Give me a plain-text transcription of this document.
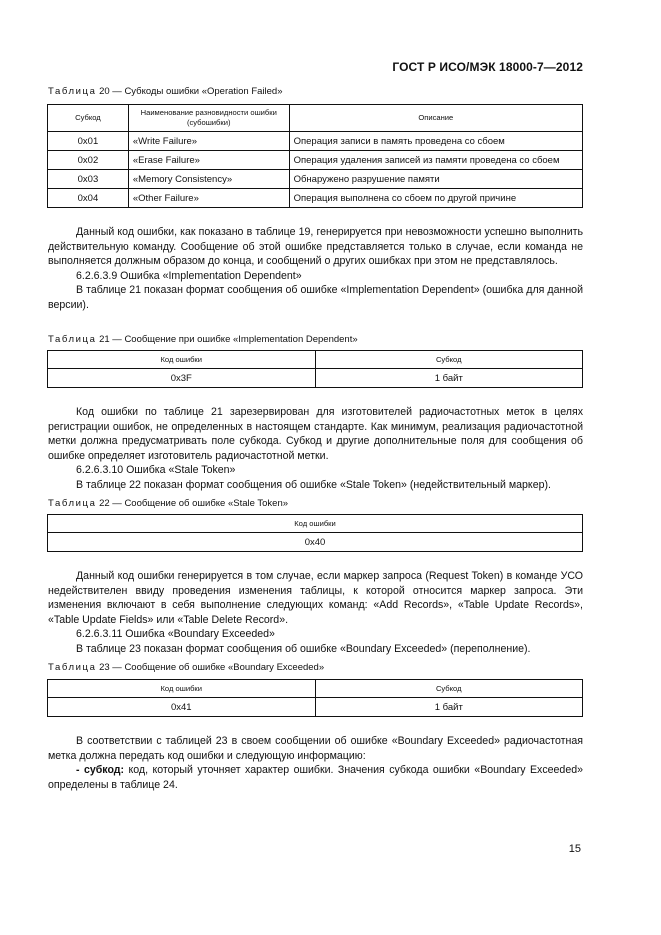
ГОСТ Р ИСО/МЭК 18000-7—2012
Таблица 20 — Субкоды ошибки «Operation Failed»
Субкод	Наименование разновидности ошибки (субошибки)	Описание
0x01	«Write Failure»	Операция записи в память проведена со сбоем
0x02	«Erase Failure»	Операция удаления записей из памяти проведена со сбоем
0x03	«Memory Consistency»	Обнаружено разрушение памяти
0x04	«Other Failure»	Операция выполнена со сбоем по другой причине

Данный код ошибки, как показано в таблице 19, генерируется при невозможности успешно выполнить действительную команду. Сообщение об этой ошибке представляется только в случае, если команда не выполняется должным образом до конца, и сообщений о других ошибках при этом не представлялось.

6.2.6.3.9 Ошибка «Implementation Dependent»

В таблице 21 показан формат сообщения об ошибке «Implementation Dependent» (ошибка для данной версии).

Таблица 21 — Сообщение при ошибке «Implementation Dependent»
Код ошибки	Субкод
0x3F	1 байт

Код ошибки по таблице 21 зарезервирован для изготовителей радиочастотных меток в целях регистрации ошибок, не определенных в настоящем стандарте. Как минимум, реализация радиочастотной метки должна предусматривать поле субкода. Субкод и другие дополнительные поля для сообщения об ошибке определяет изготовитель радиочастотной метки.

6.2.6.3.10 Ошибка «Stale Token»

В таблице 22 показан формат сообщения об ошибке «Stale Token» (недействительный маркер).

Таблица 22 — Сообщение об ошибке «Stale Token»
Код ошибки
0x40

Данный код ошибки генерируется в том случае, если маркер запроса (Request Token) в команде УСО недействителен ввиду проведения изменения таблицы, к которой относится маркер запроса. Эти изменения включают в себя выполнение следующих команд: «Add Records», «Table Update Records», «Table Update Fields» или «Table Delete Record».

6.2.6.3.11 Ошибка «Boundary Exceeded»

В таблице 23 показан формат сообщения об ошибке «Boundary Exceeded» (переполнение).

Таблица 23 — Сообщение об ошибке «Boundary Exceeded»
Код ошибки	Субкод
0x41	1 байт

В соответствии с таблицей 23 в своем сообщении об ошибке «Boundary Exceeded» радиочастотная метка должна передать код ошибки и следующую информацию:

- субкод: код, который уточняет характер ошибки. Значения субкода ошибки «Boundary Exceeded» определены в таблице 24.

15
